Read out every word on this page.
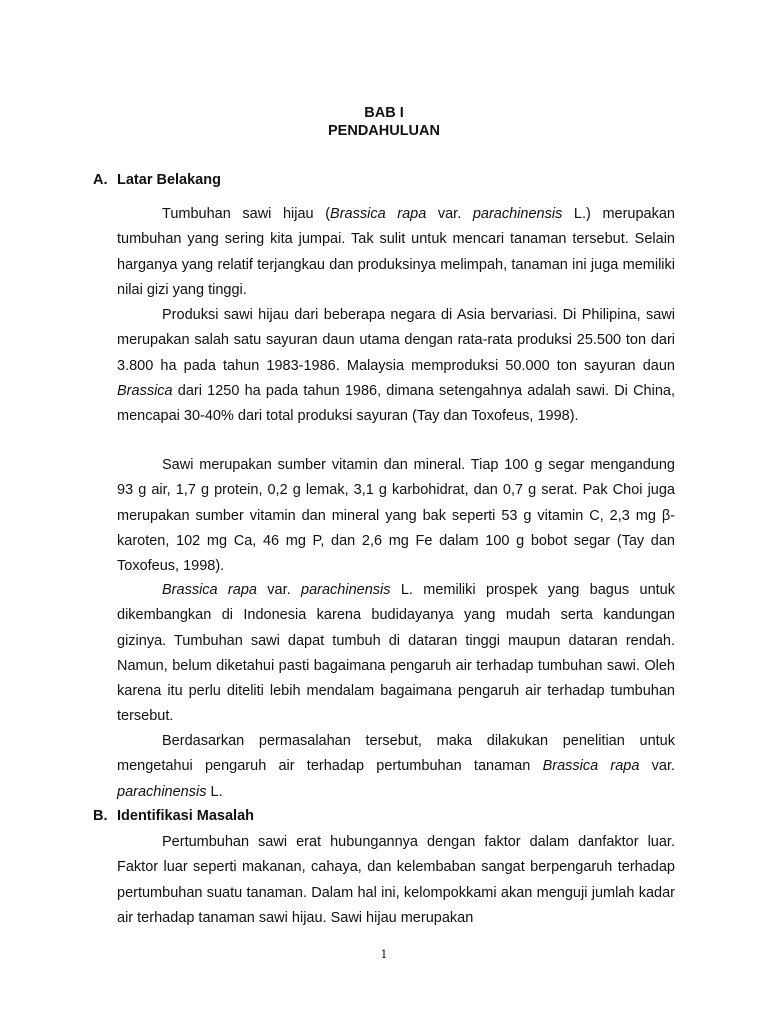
BAB I
PENDAHULUAN
A. Latar Belakang
Tumbuhan sawi hijau (Brassica rapa var. parachinensis L.) merupakan tumbuhan yang sering kita jumpai. Tak sulit untuk mencari tanaman tersebut. Selain harganya yang relatif terjangkau dan produksinya melimpah, tanaman ini juga memiliki nilai gizi yang tinggi.
Produksi sawi hijau dari beberapa negara di Asia bervariasi. Di Philipina, sawi merupakan salah satu sayuran daun utama dengan rata-rata produksi 25.500 ton dari 3.800 ha pada tahun 1983-1986. Malaysia memproduksi 50.000 ton sayuran daun Brassica dari 1250 ha pada tahun 1986, dimana setengahnya adalah sawi. Di China, mencapai 30-40% dari total produksi sayuran (Tay dan Toxofeus, 1998).
Sawi merupakan sumber vitamin dan mineral. Tiap 100 g segar mengandung 93 g air, 1,7 g protein, 0,2 g lemak, 3,1 g karbohidrat, dan 0,7 g serat. Pak Choi juga merupakan sumber vitamin dan mineral yang bak seperti 53 g vitamin C, 2,3 mg β-karoten, 102 mg Ca, 46 mg P, dan 2,6 mg Fe dalam 100 g bobot segar (Tay dan Toxofeus, 1998).
Brassica rapa var. parachinensis L. memiliki prospek yang bagus untuk dikembangkan di Indonesia karena budidayanya yang mudah serta kandungan gizinya. Tumbuhan sawi dapat tumbuh di dataran tinggi maupun dataran rendah. Namun, belum diketahui pasti bagaimana pengaruh air terhadap tumbuhan sawi. Oleh karena itu perlu diteliti lebih mendalam bagaimana pengaruh air terhadap tumbuhan tersebut.
Berdasarkan permasalahan tersebut, maka dilakukan penelitian untuk mengetahui pengaruh air terhadap pertumbuhan tanaman Brassica rapa var. parachinensis L.
B. Identifikasi Masalah
Pertumbuhan sawi erat hubungannya dengan faktor dalam danfaktor luar. Faktor luar seperti makanan, cahaya, dan kelembaban sangat berpengaruh terhadap pertumbuhan suatu tanaman. Dalam hal ini, kelompokkami akan menguji jumlah kadar air terhadap tanaman sawi hijau. Sawi hijau merupakan
1
